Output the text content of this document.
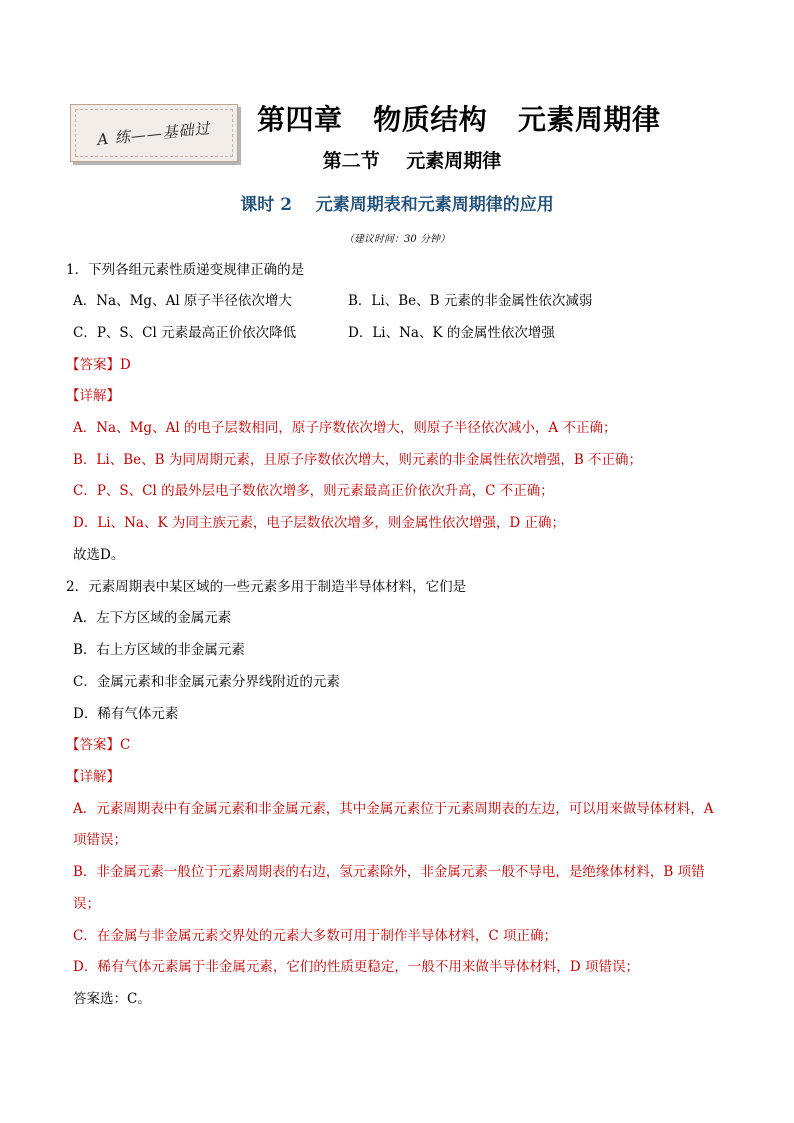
A 练——基础过 第四章   物质结构   元素周期律
第二节    元素周期律
课时 2    元素周期表和元素周期律的应用
（建议时间：30 分钟）
1．下列各组元素性质递变规律正确的是
A．Na、Mg、Al 原子半径依次增大	B．Li、Be、B 元素的非金属性依次减弱
C．P、S、Cl 元素最高正价依次降低	D．Li、Na、K 的金属性依次增强
【答案】D
【详解】
A．Na、Mg、Al 的电子层数相同，原子序数依次增大，则原子半径依次减小，A 不正确；
B．Li、Be、B 为同周期元素，且原子序数依次增大，则元素的非金属性依次增强，B 不正确；
C．P、S、Cl 的最外层电子数依次增多，则元素最高正价依次升高，C 不正确；
D．Li、Na、K 为同主族元素，电子层数依次增多，则金属性依次增强，D 正确；
故选D。
2．元素周期表中某区域的一些元素多用于制造半导体材料，它们是
A．左下方区域的金属元素
B．右上方区域的非金属元素
C．金属元素和非金属元素分界线附近的元素
D．稀有气体元素
【答案】C
【详解】
A．元素周期表中有金属元素和非金属元素，其中金属元素位于元素周期表的左边，可以用来做导体材料，A
项错误；
B．非金属元素一般位于元素周期表的右边，氢元素除外，非金属元素一般不导电，是绝缘体材料，B 项错
误；
C．在金属与非金属元素交界处的元素大多数可用于制作半导体材料，C 项正确；
D．稀有气体元素属于非金属元素，它们的性质更稳定，一般不用来做半导体材料，D 项错误；
答案选：C。
